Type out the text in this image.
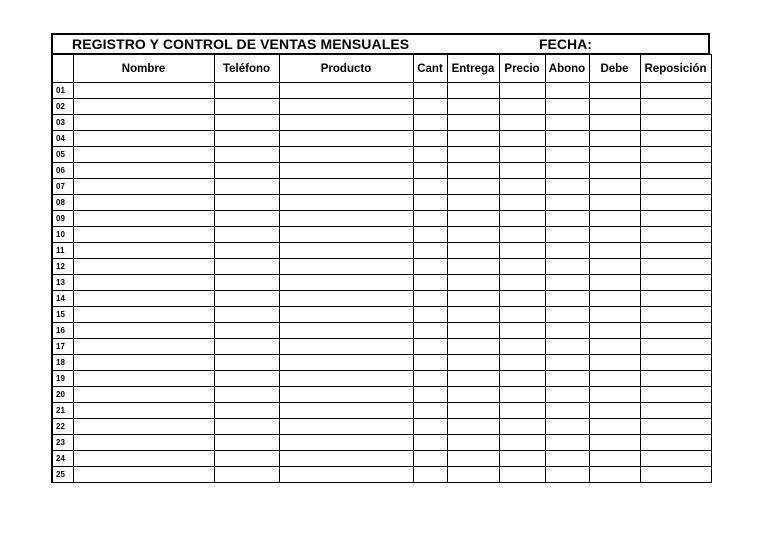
REGISTRO Y CONTROL DE VENTAS MENSUALES	FECHA:
	Nombre	Teléfono	Producto	Cant	Entrega	Precio	Abono	Debe	Reposición
01									
02									
03									
04									
05									
06									
07									
08									
09									
10									
11									
12									
13									
14									
15									
16									
17									
18									
19									
20									
21									
22									
23									
24									
25									
